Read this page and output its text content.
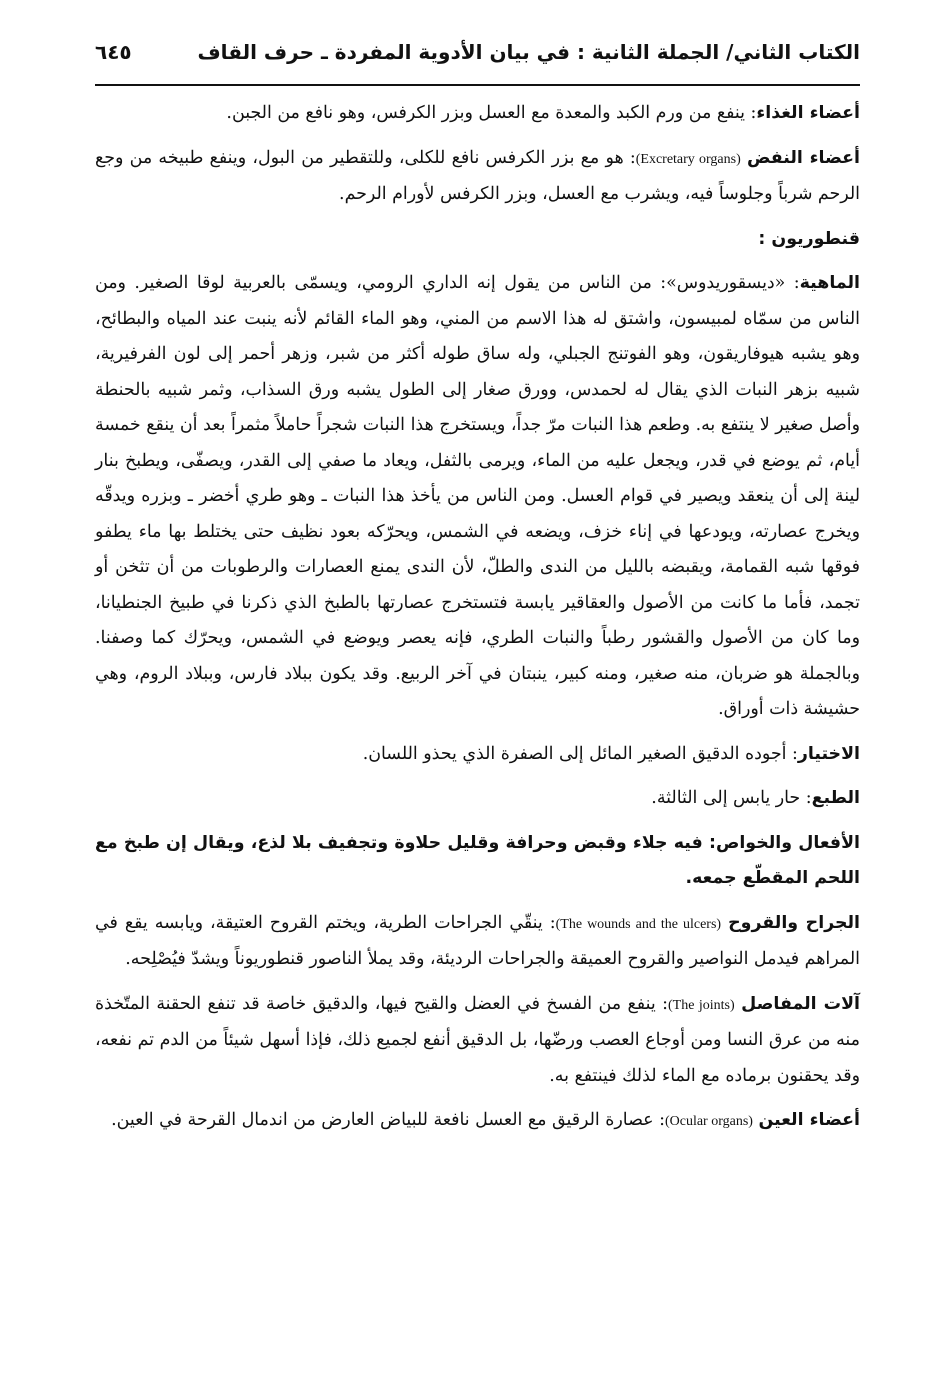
الكتاب الثاني/ الجملة الثانية : في بيان الأدوية المفردة ـ حرف القاف
٦٤٥

أعضاء الغذاء: ينفع من ورم الكبد والمعدة مع العسل وبزر الكرفس، وهو نافع من الجبن.

أعضاء النفض (Excretary organs): هو مع بزر الكرفس نافع للكلى، وللتقطير من البول، وينفع طبيخه من وجع الرحم شرباً وجلوساً فيه، ويشرب مع العسل، وبزر الكرفس لأورام الرحم.

قنطوريون :

الماهية: «ديسقوريدوس»: من الناس من يقول إنه الداري الرومي، ويسمّى بالعربية لوقا الصغير. ومن الناس من سمّاه لمبيسون، واشتق له هذا الاسم من المني، وهو الماء القائم لأنه ينبت عند المياه والبطائح، وهو يشبه هيوفاريقون، وهو الفوتنج الجبلي، وله ساق طوله أكثر من شبر، وزهر أحمر إلى لون الفرفيرية، شبيه بزهر النبات الذي يقال له لحمدس، وورق صغار إلى الطول يشبه ورق السذاب، وثمر شبيه بالحنطة وأصل صغير لا ينتفع به. وطعم هذا النبات مرّ جداً، ويستخرج هذا النبات شجراً حاملاً مثمراً بعد أن ينقع خمسة أيام، ثم يوضع في قدر، ويجعل عليه من الماء، ويرمى بالثفل، ويعاد ما صفي إلى القدر، ويصفّى، ويطبخ بنار لينة إلى أن ينعقد ويصير في قوام العسل. ومن الناس من يأخذ هذا النبات ـ وهو طري أخضر ـ وبزره ويدقّه ويخرج عصارته، ويودعها في إناء خزف، ويضعه في الشمس، ويحرّكه بعود نظيف حتى يختلط بها ماء يطفو فوقها شبه القمامة، ويقبضه بالليل من الندى والطلّ، لأن الندى يمنع العصارات والرطوبات من أن تثخن أو تجمد، فأما ما كانت من الأصول والعقاقير يابسة فتستخرج عصارتها بالطبخ الذي ذكرنا في طبيخ الجنطيانا، وما كان من الأصول والقشور رطباً والنبات الطري، فإنه يعصر ويوضع في الشمس، ويحرّك كما وصفنا. وبالجملة هو ضربان، منه صغير، ومنه كبير، ينبتان في آخر الربيع. وقد يكون ببلاد فارس، وببلاد الروم، وهي حشيشة ذات أوراق.

الاختيار: أجوده الدقيق الصغير المائل إلى الصفرة الذي يحذو اللسان.

الطبع: حار يابس إلى الثالثة.

الأفعال والخواص: فيه جلاء وقبض وحرافة وقليل حلاوة وتجفيف بلا لذع، ويقال إن طبخ مع اللحم المقطّع جمعه.

الجراح والقروح (The wounds and the ulcers): ينقّي الجراحات الطرية، ويختم القروح العتيقة، ويابسه يقع في المراهم فيدمل النواصير والقروح العميقة والجراحات الرديئة، وقد يملأ الناصور قنطوريوناً ويشدّ فيُصْلِحه.

آلات المفاصل (The joints): ينفع من الفسخ في العضل والقيح فيها، والدقيق خاصة قد تنفع الحقنة المتّخذة منه من عرق النسا ومن أوجاع العصب ورضّها، بل الدقيق أنفع لجميع ذلك، فإذا أسهل شيئاً من الدم تم نفعه، وقد يحقنون برماده مع الماء لذلك فينتفع به.

أعضاء العين (Ocular organs): عصارة الرقيق مع العسل نافعة للبياض العارض من اندمال القرحة في العين.
